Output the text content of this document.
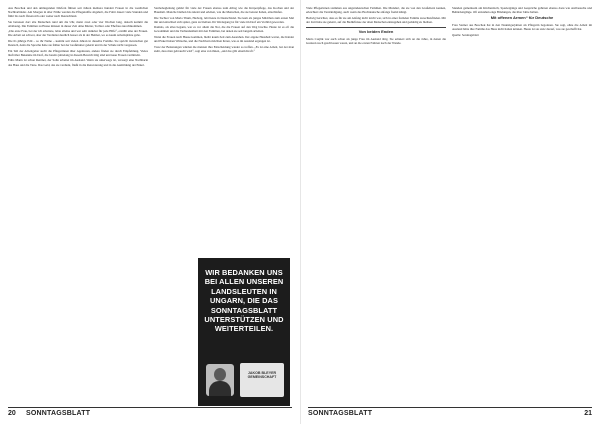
Aus Boschok und den umliegenden Dörfern führen seit Jahren mehrere hundert Frauen in die westlichen Nachbarländer. Am Morgen in aller Frühe werden die Pflegekräfte abgeholt, die Fahrt dauert viele Stunden und führt bis nach Österreich oder weiter nach Deutschland.

Sie betreuen dort alte Menschen rund um die Uhr, meist zwei oder vier Wochen lang, danach kommt die Ablösung. Die Familien zu Hause müssen in dieser Zeit ohne Mutter, Tochter oder Ehefrau zurechtkommen.

„Die erste Frau, bei der ich arbeitete, lebte alleine und war sehr dankbar für jede Hilfe“, erzählt eine der Frauen. Die Arbeit sei schwer, aber der Verdienst deutlich besser als in der Heimat, wo es kaum Arbeitsplätze gebe.

Die 61-jährige Edit – so ihr Name – kommt seit vielen Jahren in dieselbe Familie. Sie spricht inzwischen gut Deutsch, denn die Sprache habe sie früher bei der Großmutter gelernt und in der Schule nicht vergessen.

Ein Teil der Arbeitgeber sucht die Pflegerinnen über Agenturen, andere finden sie durch Empfehlung. Vieles läuft über Bekannte im Dorf, die bereits jahrelang in diesem Bereich tätig sind und neue Frauen vermitteln.

Edits Mann ist schon Rentner, der Sohn arbeitet im Ausland. Wenn sie unterwegs ist, versorgt eine Nachbarin das Haus und die Tiere. Das Geld, das sie verdient, fließt in die Renovierung und in die Ausbildung der Enkel.

Sterbebegleitung gehört für viele der Frauen ebenso zum Alltag wie die Körperpflege, das Kochen und der Haushalt. Manche bleiben bis zuletzt und erleben, wie die Menschen, die sie betreut haben, einschlafen.

Die Tochter von Maria Thum, Hedwig, lebt heute in Deutschland. Sie kam als junges Mädchen zum ersten Mal mit und entschied sich später, ganz zu bleiben. Ihr Werdegang ist für viele im Dorf ein Vorbild geworden.

Damals, als alles begann, war es vor allem die Not, die die Frauen auf den Weg brachte. Heute ist es oft die Gewohnheit und die Verbundenheit mit den Familien, bei denen sie seit langem arbeiten.

Wenn die Frauen nach Hause kommen, bleibt kaum Zeit zum Ausruhen. Der eigene Haushalt wartet, die Kinder und Enkel haben Wünsche, und die Nachbarn möchten hören, wie es im Ausland ergangen ist.

Trotz der Belastungen würden die meisten ihre Entscheidung wieder so treffen. „Es ist eine Arbeit, bei der man sieht, dass man gebraucht wird“, sagt eine von ihnen, „und das gibt einem Kraft.“

20 SONNTAGSBLATT

Viele Pflegerinnen stammen aus ungarndeutschen Familien. Die Mundart, die sie von den Großeltern kennen, erleichtert die Verständigung, auch wenn das Hochdeutsche anfangs fremd klingt.

Hedwig berichtet, dass es für sie am Anfang nicht leicht war, sich in einer fremden Familie zurechtzufinden. Mit der Zeit habe sie gelernt, auf die Bedürfnisse der alten Menschen einzugehen und geduldig zu bleiben.

Von beiden Enden

Maria Csajlik war auch schon als junge Frau im Ausland tätig. Sie erinnert sich an die Jahre, in denen die Grenzen noch geschlossen waren, und an die ersten Fahrten nach der Wende.

Stunden gemeinsam am Küchentisch, Spaziergänge und Gespräche gehören ebenso dazu wie Arztbesuche und Behördengänge. Oft entstehen enge Bindungen, die über Jahre halten.

Mit offenen Armen“ für Deutsche

Frau Steiner aus Boschok hat in den Neunzigerjahren als Pflegerin begonnen. Sie sagt, ohne die Arbeit im Ausland hätte ihre Familie das Haus nicht halten können. Heute ist sie stolz darauf, was sie geschafft hat.

Quelle: Sonntagsblatt

SONNTAGSBLATT	21
WIR BEDANKEN UNS BEI ALLEN UNSEREN LANDSLEUTEN IN UNGARN, DIE DAS SONNTAGSBLATT UNTERSTÜTZEN UND WEITERTEILEN.
JAKOB BLEYER GEMEINSCHAFT
